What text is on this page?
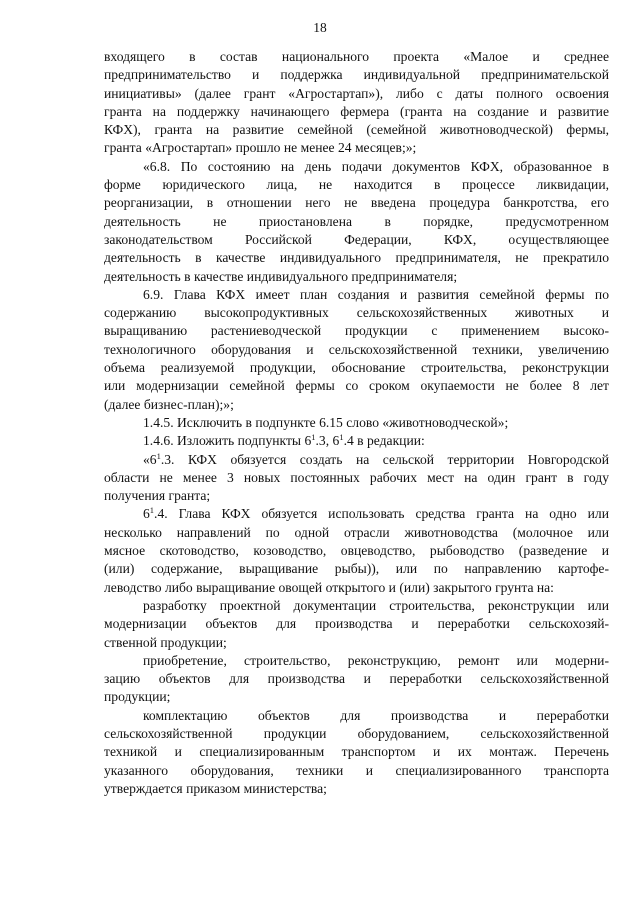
18
входящего в состав национального проекта «Малое и среднее
предпринимательство и поддержка индивидуальной предпринимательской
инициативы» (далее грант «Агростартап»), либо с даты полного освоения
гранта на поддержку начинающего фермера (гранта на создание и развитие
КФХ), гранта на развитие семейной (семейной животноводческой) фермы,
гранта «Агростартап» прошло не менее 24 месяцев;»;
«6.8. По состоянию на день подачи документов КФХ, образованное в
форме юридического лица, не находится в процессе ликвидации,
реорганизации, в отношении него не введена процедура банкротства, его
деятельность не приостановлена в порядке, предусмотренном
законодательством Российской Федерации, КФХ, осуществляющее
деятельность в качестве индивидуального предпринимателя, не прекратило
деятельность в качестве индивидуального предпринимателя;
6.9. Глава КФХ имеет план создания и развития семейной фермы по
содержанию высокопродуктивных сельскохозяйственных животных и
выращиванию растениеводческой продукции с применением высоко-
технологичного оборудования и сельскохозяйственной техники, увеличению
объема реализуемой продукции, обоснование строительства, реконструкции
или модернизации семейной фермы со сроком окупаемости не более 8 лет
(далее бизнес-план);»;
1.4.5. Исключить в подпункте 6.15 слово «животноводческой»;
1.4.6. Изложить подпункты $6^1.3$, $6^1.4$ в редакции:
«$6^1.3$. КФХ обязуется создать на сельской территории Новгородской
области не менее 3 новых постоянных рабочих мест на один грант в году
получения гранта;
$6^1.4$. Глава КФХ обязуется использовать средства гранта на одно или
несколько направлений по одной отрасли животноводства (молочное или
мясное скотоводство, козоводство, овцеводство, рыбоводство (разведение и
(или) содержание, выращивание рыбы)), или по направлению картофе-
леводство либо выращивание овощей открытого и (или) закрытого грунта на:
разработку проектной документации строительства, реконструкции или
модернизации объектов для производства и переработки сельскохозяй-
ственной продукции;
приобретение, строительство, реконструкцию, ремонт или модерни-
зацию объектов для производства и переработки сельскохозяйственной
продукции;
комплектацию объектов для производства и переработки
сельскохозяйственной продукции оборудованием, сельскохозяйственной
техникой и специализированным транспортом и их монтаж. Перечень
указанного оборудования, техники и специализированного транспорта
утверждается приказом министерства;
